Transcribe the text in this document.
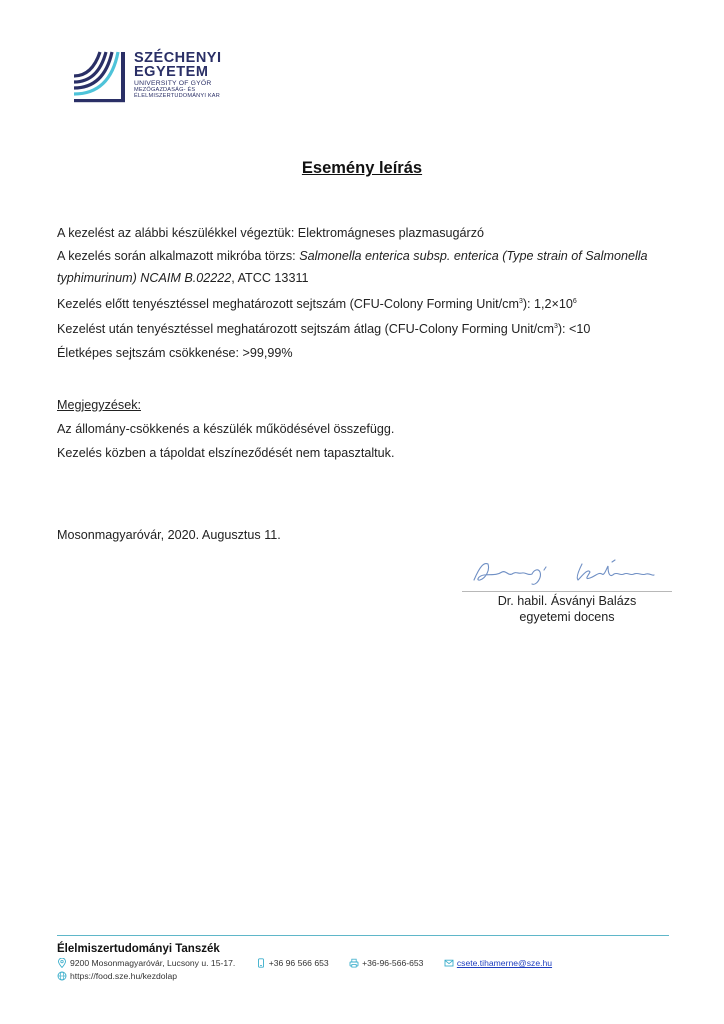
SZÉCHENYI
EGYETEM
UNIVERSITY OF GYŐR
MEZŐGAZDASÁG- ÉS
ÉLELMISZERTUDOMÁNYI KAR
Esemény leírás
A kezelést az alábbi készülékkel végeztük: Elektromágneses plazmasugárzó
A kezelés során alkalmazott mikróba törzs: Salmonella enterica subsp. enterica (Type strain of Salmonella
typhimurinum) NCAIM B.02222, ATCC 13311
Kezelés előtt tenyésztéssel meghatározott sejtszám (CFU-Colony Forming Unit/$cm^3$): $1,2\times 10^6$
Kezelést után tenyésztéssel meghatározott sejtszám átlag (CFU-Colony Forming Unit/$cm^3$): <10
Életképes sejtszám csökkenése: >99,99%
Megjegyzések:
Az állomány-csökkenés a készülék működésével összefügg.
Kezelés közben a tápoldat elszíneződését nem tapasztaltuk.
Mosonmagyaróvár, 2020. Augusztus 11.
Dr. habil. Ásványi Balázs
egyetemi docens
Élelmiszertudományi Tanszék
9200 Mosonmagyaróvár, Lucsony u. 15-17.	+36 96 566 653	+36-96-566-653	csete.tihamerne@sze.hu
https://food.sze.hu/kezdolap
